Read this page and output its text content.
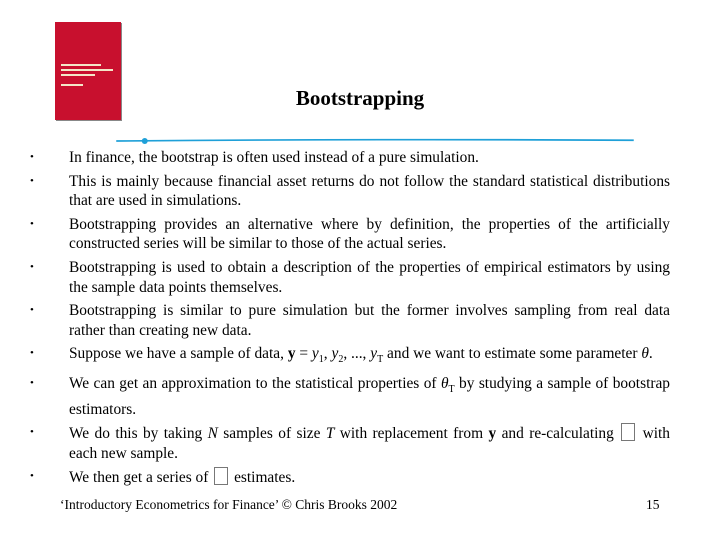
Bootstrapping
•	In finance, the bootstrap is often used instead of a pure simulation.
•	This is mainly because financial asset returns do not follow the standard statistical distributions that are used in simulations.
•	Bootstrapping provides an alternative where by definition, the properties of the artificially constructed series will be similar to those of the actual series.
•	Bootstrapping is used to obtain a description of the properties of empirical estimators by using the sample data points themselves.
•	Bootstrapping is similar to pure simulation but the former involves sampling from real data rather than creating new data.
•	Suppose we have a sample of data, $y = y_1$, $y_2$, ..., $y_T$ and we want to estimate some parameter θ.
•	We can get an approximation to the statistical properties of $\theta_T$ by studying a sample of bootstrap estimators.
•	We do this by taking N samples of size T with replacement from y and re-calculating  with each new sample.
•	We then get a series of  estimates.
‘Introductory Econometrics for Finance’ © Chris Brooks 2002	15
